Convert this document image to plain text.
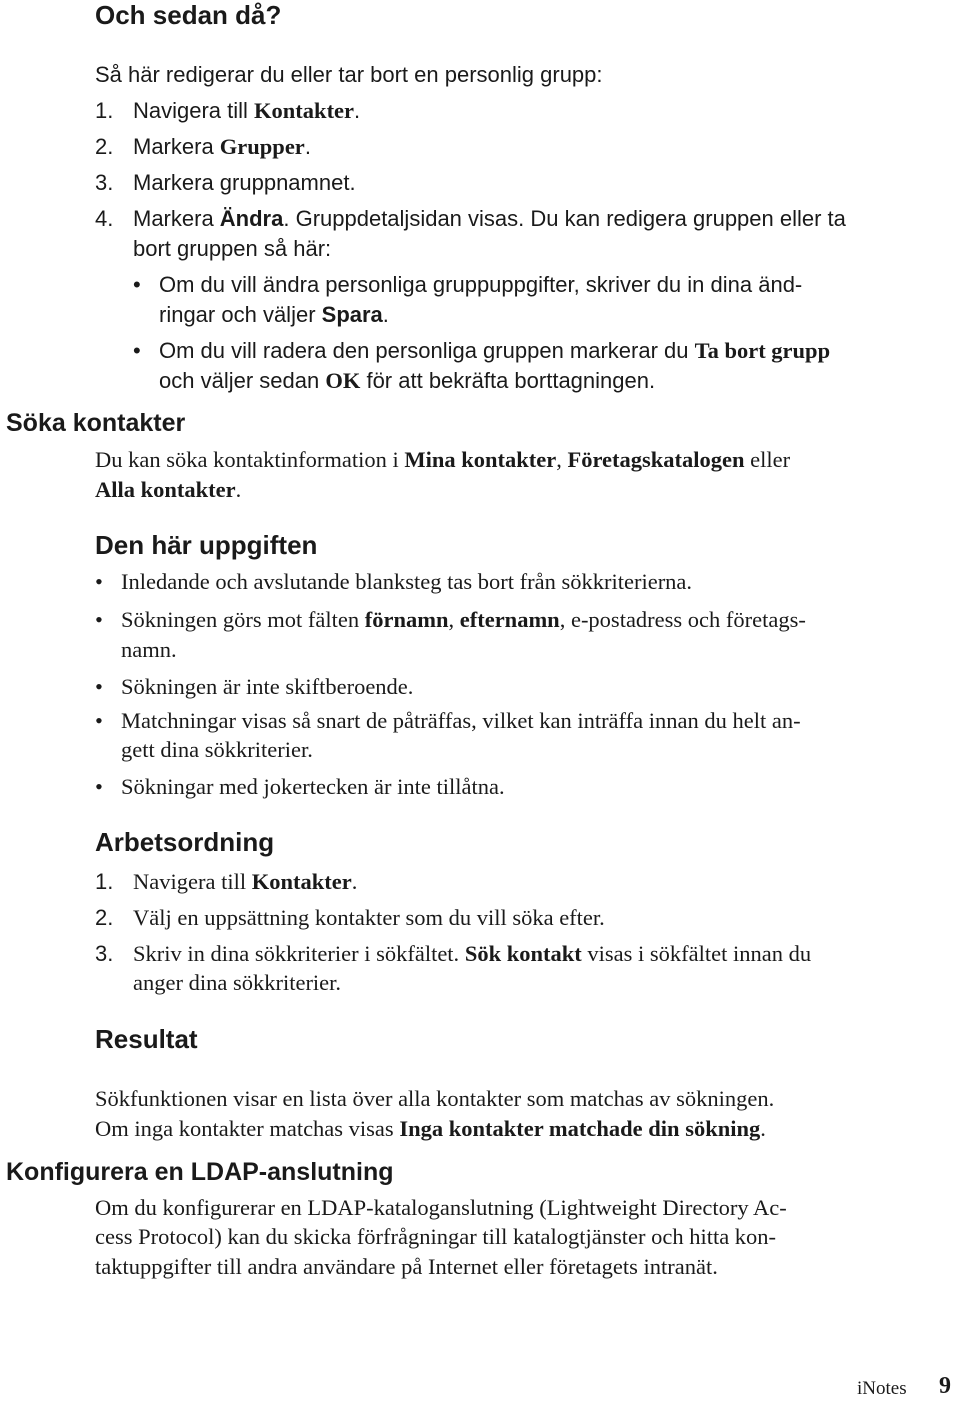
Och sedan då?
Så här redigerar du eller tar bort en personlig grupp:
1. Navigera till Kontakter.
2. Markera Grupper.
3. Markera gruppnamnet.
4. Markera Ändra. Gruppdetaljsidan visas. Du kan redigera gruppen eller ta
bort gruppen så här:
• Om du vill ändra personliga gruppuppgifter, skriver du in dina änd-
ringar och väljer Spara.
• Om du vill radera den personliga gruppen markerar du Ta bort grupp
och väljer sedan OK för att bekräfta borttagningen.
Söka kontakter
Du kan söka kontaktinformation i Mina kontakter, Företagskatalogen eller
Alla kontakter.
Den här uppgiften
• Inledande och avslutande blanksteg tas bort från sökkriterierna.
• Sökningen görs mot fälten förnamn, efternamn, e-postadress och företags-
namn.
• Sökningen är inte skiftberoende.
• Matchningar visas så snart de påträffas, vilket kan inträffa innan du helt an-
gett dina sökkriterier.
• Sökningar med jokertecken är inte tillåtna.
Arbetsordning
1. Navigera till Kontakter.
2. Välj en uppsättning kontakter som du vill söka efter.
3. Skriv in dina sökkriterier i sökfältet. Sök kontakt visas i sökfältet innan du
anger dina sökkriterier.
Resultat
Sökfunktionen visar en lista över alla kontakter som matchas av sökningen.
Om inga kontakter matchas visas Inga kontakter matchade din sökning.
Konfigurera en LDAP-anslutning
Om du konfigurerar en LDAP-kataloganslutning (Lightweight Directory Ac-
cess Protocol) kan du skicka förfrågningar till katalogtjänster och hitta kon-
taktuppgifter till andra användare på Internet eller företagets intranät.
iNotes 9
